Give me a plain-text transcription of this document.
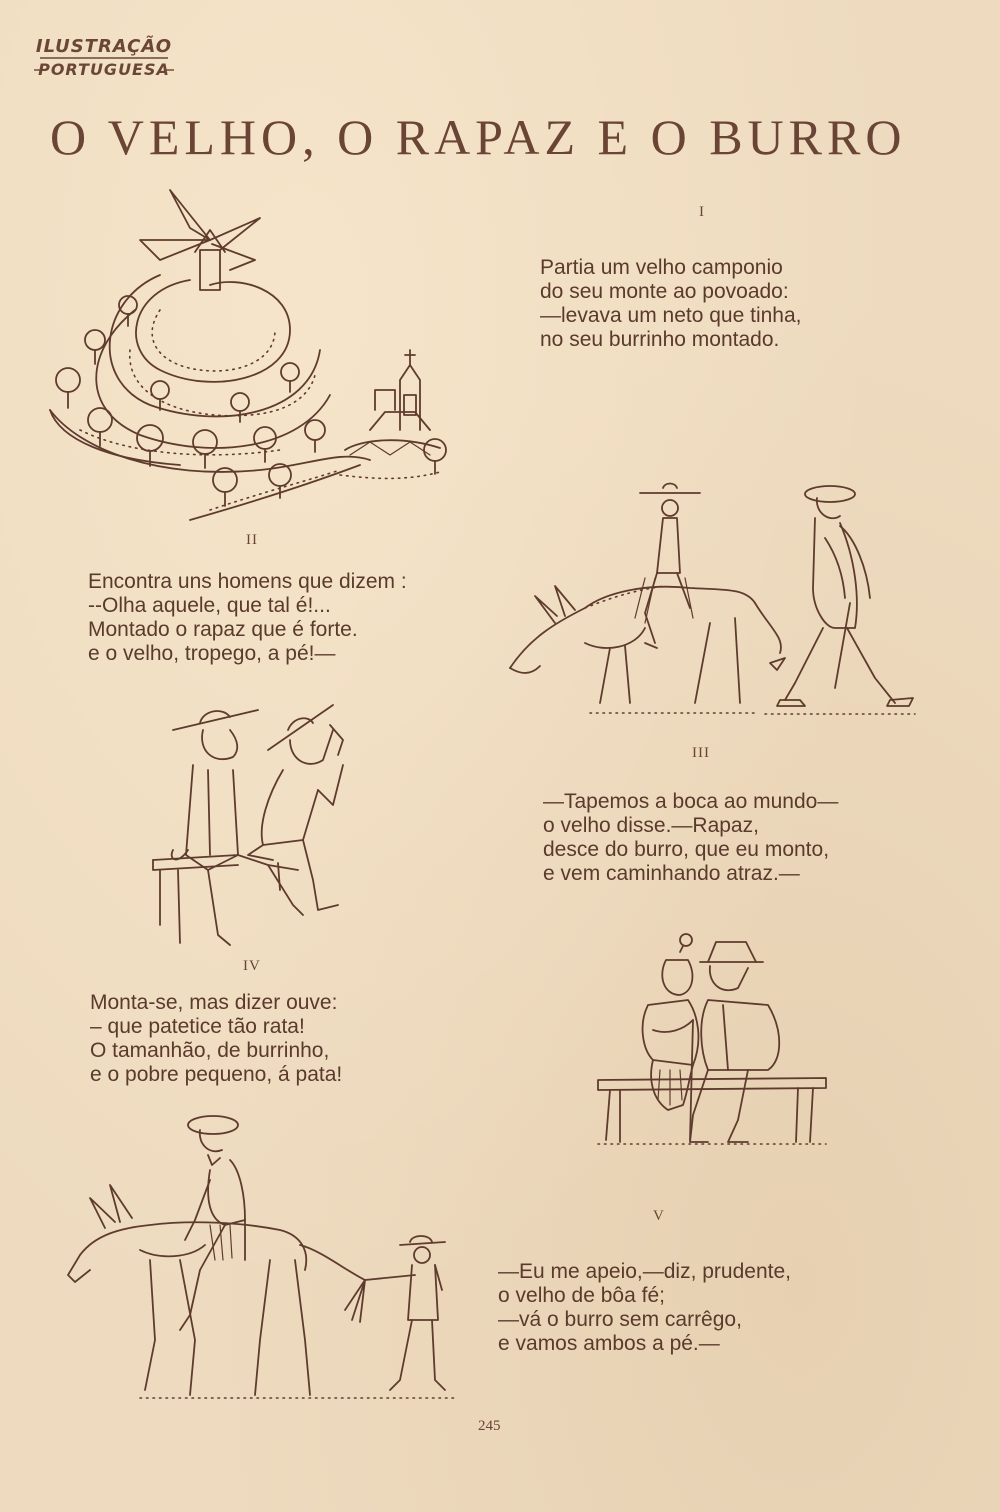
ILUSTRAÇÃO
PORTUGUESA
O VELHO, O RAPAZ E O BURRO
I
Partia um velho camponio
do seu monte ao povoado:
—levava um neto que tinha,
no seu burrinho montado.
II
Encontra uns homens que dizem :
--Olha aquele, que tal é!...
Montado o rapaz que é forte.
e o velho, tropego, a pé!—
III
—Tapemos a boca ao mundo—
o velho disse.—Rapaz,
desce do burro, que eu monto,
e vem caminhando atraz.—
IV
Monta-se, mas dizer ouve:
– que patetice tão rata!
O tamanhão, de burrinho,
e o pobre pequeno, á pata!
V
—Eu me apeio,—diz, prudente,
o velho de bôa fé;
—vá o burro sem carrêgo,
e vamos ambos a pé.—
245
